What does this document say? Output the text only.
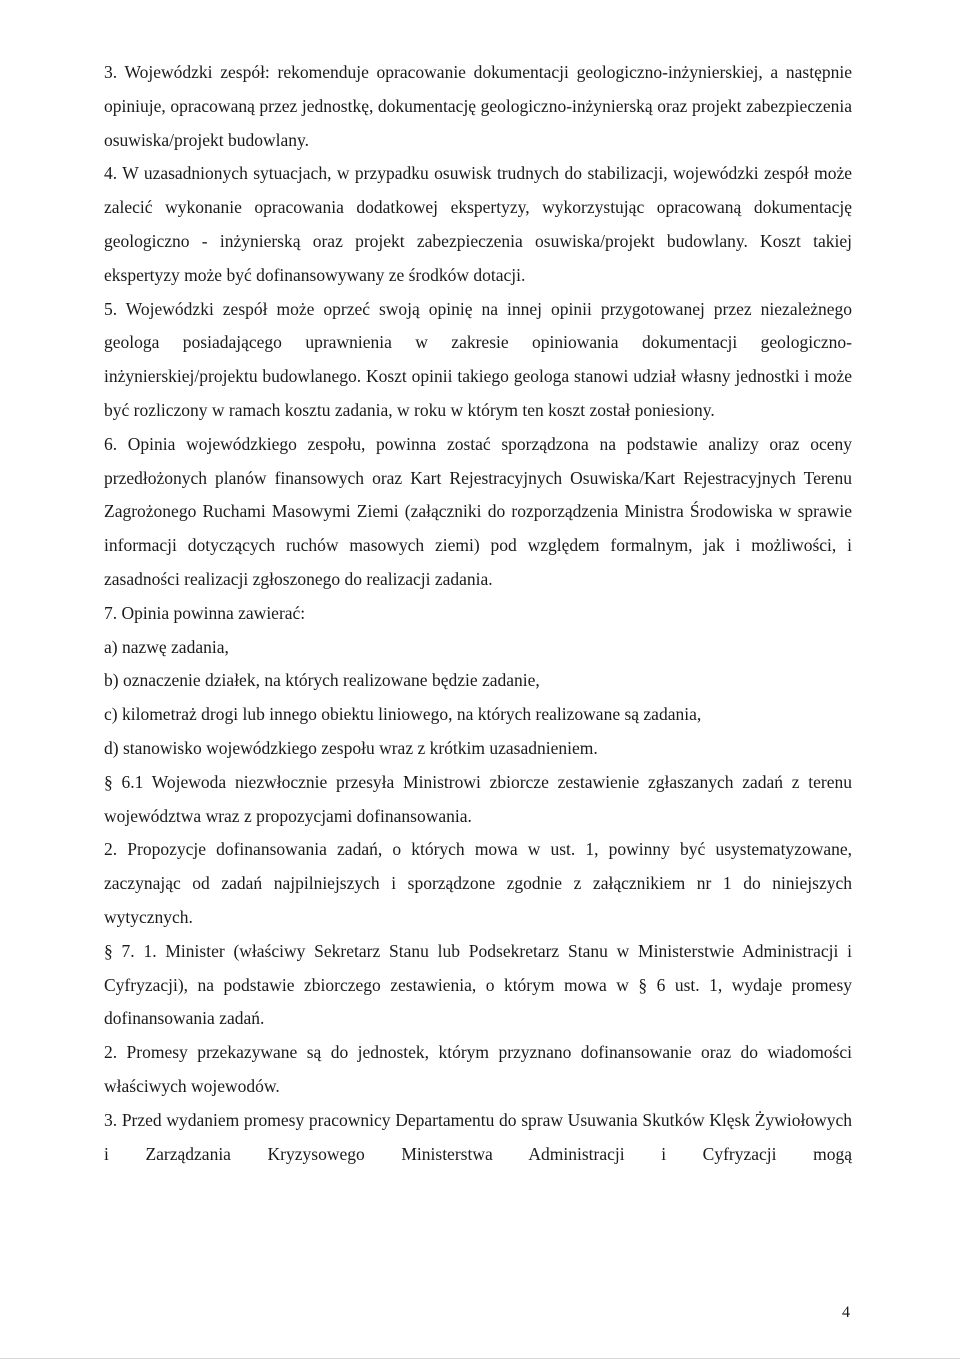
3. Wojewódzki zespół: rekomenduje opracowanie dokumentacji geologiczno-inżynierskiej, a następnie opiniuje, opracowaną przez jednostkę, dokumentację geologiczno-inżynierską oraz projekt zabezpieczenia osuwiska/projekt budowlany.

4. W uzasadnionych sytuacjach, w przypadku osuwisk trudnych do stabilizacji, wojewódzki zespół może zalecić wykonanie opracowania dodatkowej ekspertyzy, wykorzystując opracowaną dokumentację geologiczno - inżynierską oraz projekt zabezpieczenia osuwiska/projekt budowlany. Koszt takiej ekspertyzy może być dofinansowywany ze środków dotacji.

5. Wojewódzki zespół może oprzeć swoją opinię na innej opinii przygotowanej przez niezależnego geologa posiadającego uprawnienia w zakresie opiniowania dokumentacji geologiczno-inżynierskiej/projektu budowlanego. Koszt opinii takiego geologa stanowi udział własny jednostki i może być rozliczony w ramach kosztu zadania, w roku w którym ten koszt został poniesiony.

6. Opinia wojewódzkiego zespołu, powinna zostać sporządzona na podstawie analizy oraz oceny przedłożonych planów finansowych oraz Kart Rejestracyjnych Osuwiska/Kart Rejestracyjnych Terenu Zagrożonego Ruchami Masowymi Ziemi (załączniki do rozporządzenia Ministra Środowiska w sprawie informacji dotyczących ruchów masowych ziemi) pod względem formalnym, jak i możliwości, i zasadności realizacji zgłoszonego do realizacji zadania.

7. Opinia powinna zawierać:

a) nazwę zadania,

b) oznaczenie działek, na których realizowane będzie zadanie,

c) kilometraż drogi lub innego obiektu liniowego, na których realizowane są zadania,

d) stanowisko wojewódzkiego zespołu wraz z krótkim uzasadnieniem.

§ 6.1 Wojewoda niezwłocznie przesyła Ministrowi zbiorcze zestawienie zgłaszanych zadań z terenu województwa wraz z propozycjami dofinansowania.

2. Propozycje dofinansowania zadań, o których mowa w ust. 1, powinny być usystematyzowane, zaczynając od zadań najpilniejszych i sporządzone zgodnie z załącznikiem nr 1 do niniejszych wytycznych.

§ 7. 1. Minister (właściwy Sekretarz Stanu lub Podsekretarz Stanu w Ministerstwie Administracji i Cyfryzacji), na podstawie zbiorczego zestawienia, o którym mowa w § 6 ust. 1, wydaje promesy dofinansowania zadań.

2. Promesy przekazywane są do jednostek, którym przyznano dofinansowanie oraz do wiadomości właściwych wojewodów.

3. Przed wydaniem promesy pracownicy Departamentu do spraw Usuwania Skutków Klęsk Żywiołowych i Zarządzania Kryzysowego Ministerstwa Administracji i Cyfryzacji mogą

4
